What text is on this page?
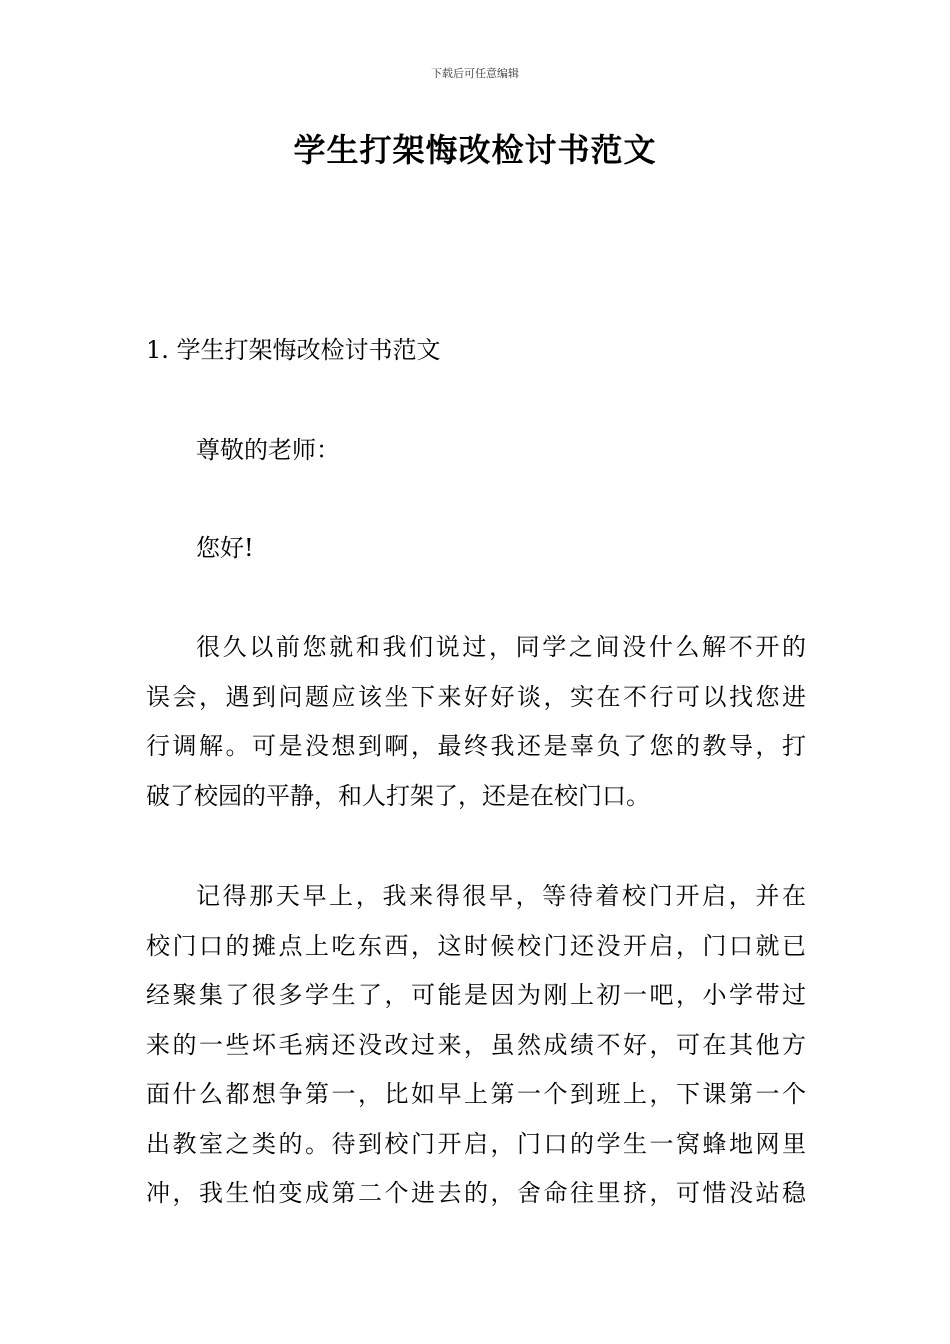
下载后可任意编辑
学生打架悔改检讨书范文
1. 学生打架悔改检讨书范文
尊敬的老师：
您好!
很久以前您就和我们说过，同学之间没什么解不开的
误会，遇到问题应该坐下来好好谈，实在不行可以找您进
行调解。可是没想到啊，最终我还是辜负了您的教导，打
破了校园的平静，和人打架了，还是在校门口。
记得那天早上，我来得很早，等待着校门开启，并在
校门口的摊点上吃东西，这时候校门还没开启，门口就已
经聚集了很多学生了，可能是因为刚上初一吧，小学带过
来的一些坏毛病还没改过来，虽然成绩不好，可在其他方
面什么都想争第一，比如早上第一个到班上，下课第一个
出教室之类的。待到校门开启，门口的学生一窝蜂地网里
冲，我生怕变成第二个进去的，舍命往里挤，可惜没站稳
